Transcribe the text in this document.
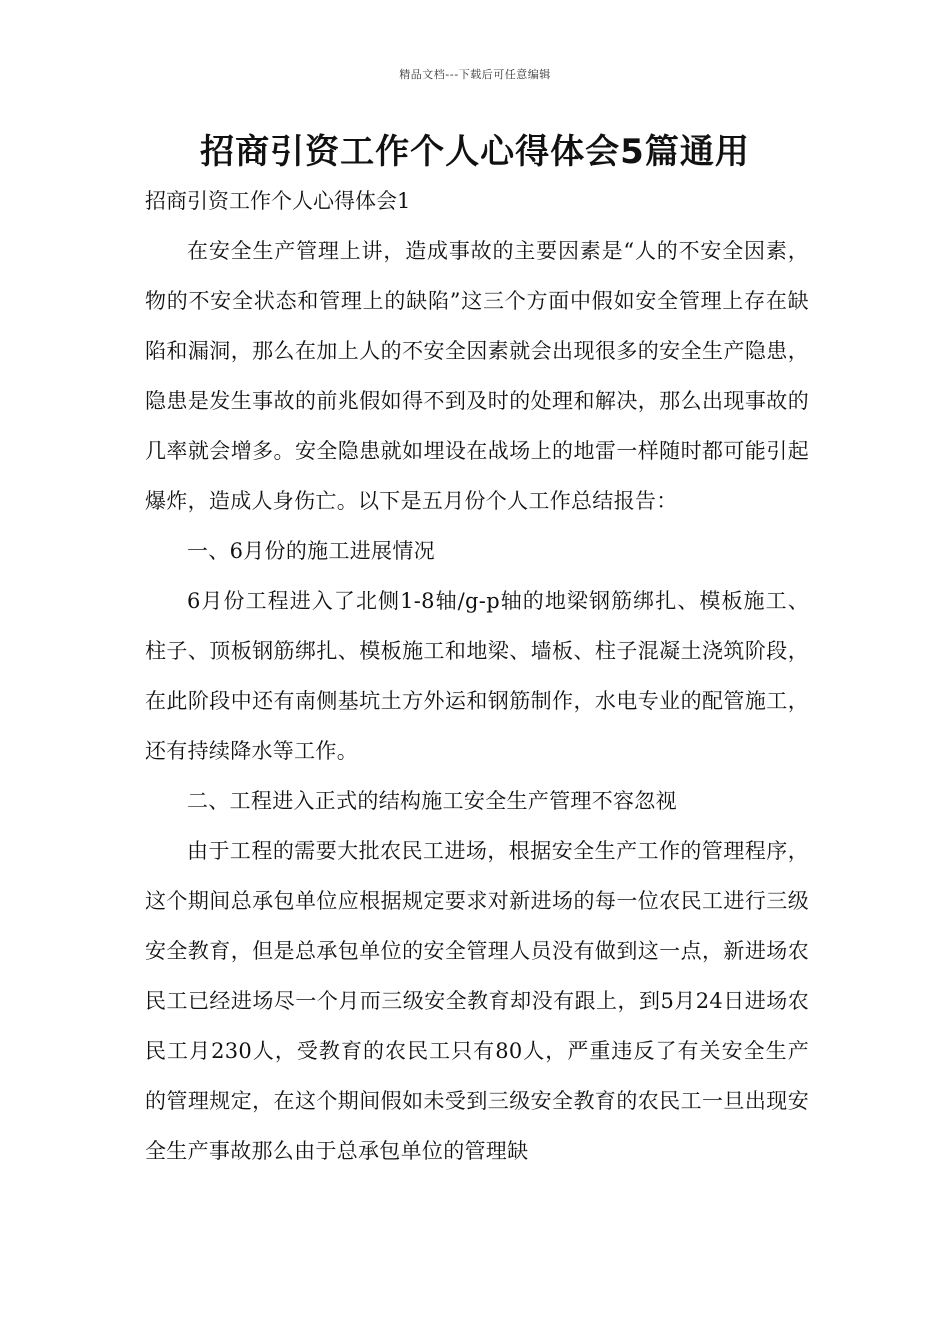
精品文档---下载后可任意编辑
招商引资工作个人心得体会5篇通用
招商引资工作个人心得体会1

在安全生产管理上讲，造成事故的主要因素是“人的不安全因素，物的不安全状态和管理上的缺陷”这三个方面中假如安全管理上存在缺陷和漏洞，那么在加上人的不安全因素就会出现很多的安全生产隐患，隐患是发生事故的前兆假如得不到及时的处理和解决，那么出现事故的几率就会增多。安全隐患就如埋设在战场上的地雷一样随时都可能引起爆炸，造成人身伤亡。以下是五月份个人工作总结报告：

一、6月份的施工进展情况

6月份工程进入了北侧1-8轴/g-p轴的地梁钢筋绑扎、模板施工、柱子、顶板钢筋绑扎、模板施工和地梁、墙板、柱子混凝土浇筑阶段，在此阶段中还有南侧基坑土方外运和钢筋制作，水电专业的配管施工，还有持续降水等工作。

二、工程进入正式的结构施工安全生产管理不容忽视

由于工程的需要大批农民工进场，根据安全生产工作的管理程序，这个期间总承包单位应根据规定要求对新进场的每一位农民工进行三级安全教育，但是总承包单位的安全管理人员没有做到这一点，新进场农民工已经进场尽一个月而三级安全教育却没有跟上，到5月24日进场农民工月230人，受教育的农民工只有80人，严重违反了有关安全生产的管理规定，在这个期间假如未受到三级安全教育的农民工一旦出现安全生产事故那么由于总承包单位的管理缺
